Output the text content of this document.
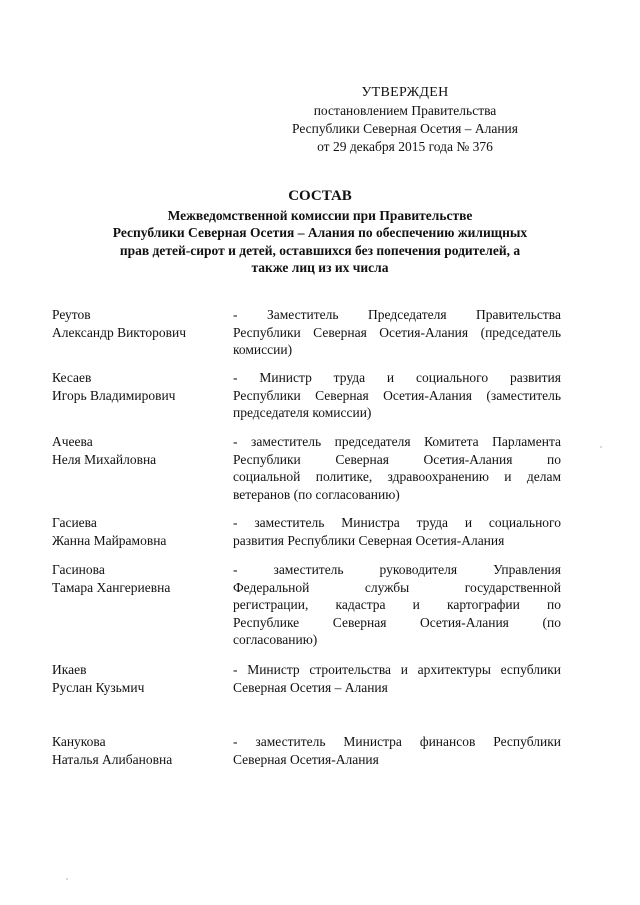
УТВЕРЖДЕН
постановлением Правительства
Республики Северная Осетия – Алания
от 29 декабря 2015 года № 376
СОСТАВ
Межведомственной комиссии при Правительстве
Республики Северная Осетия – Алания по обеспечению жилищных
прав детей-сирот и детей, оставшихся без попечения родителей, а
также лиц из их числа
Реутов
Александр Викторович
- Заместитель Председателя Правительства
Республики Северная Осетия-Алания (председатель
комиссии)
Кесаев
Игорь Владимирович
- Министр труда и социального развития
Республики Северная Осетия-Алания (заместитель
председателя комиссии)
Ачеева
Неля Михайловна
- заместитель председателя Комитета Парламента
Республики Северная Осетия-Алания по
социальной политике, здравоохранению и делам
ветеранов (по согласованию)
Гасиева
Жанна Майрамовна
- заместитель Министра труда и социального
развития Республики Северная Осетия-Алания
Гасинова
Тамара Хангериевна
- заместитель руководителя Управления
Федеральной службы государственной
регистрации, кадастра и картографии по
Республике Северная Осетия-Алания (по
согласованию)
Икаев
Руслан Кузьмич
- Министр строительства и архитектуры еспублики
Северная Осетия – Алания
Канукова
Наталья Алибановна
- заместитель Министра финансов Республики
Северная Осетия-Алания
